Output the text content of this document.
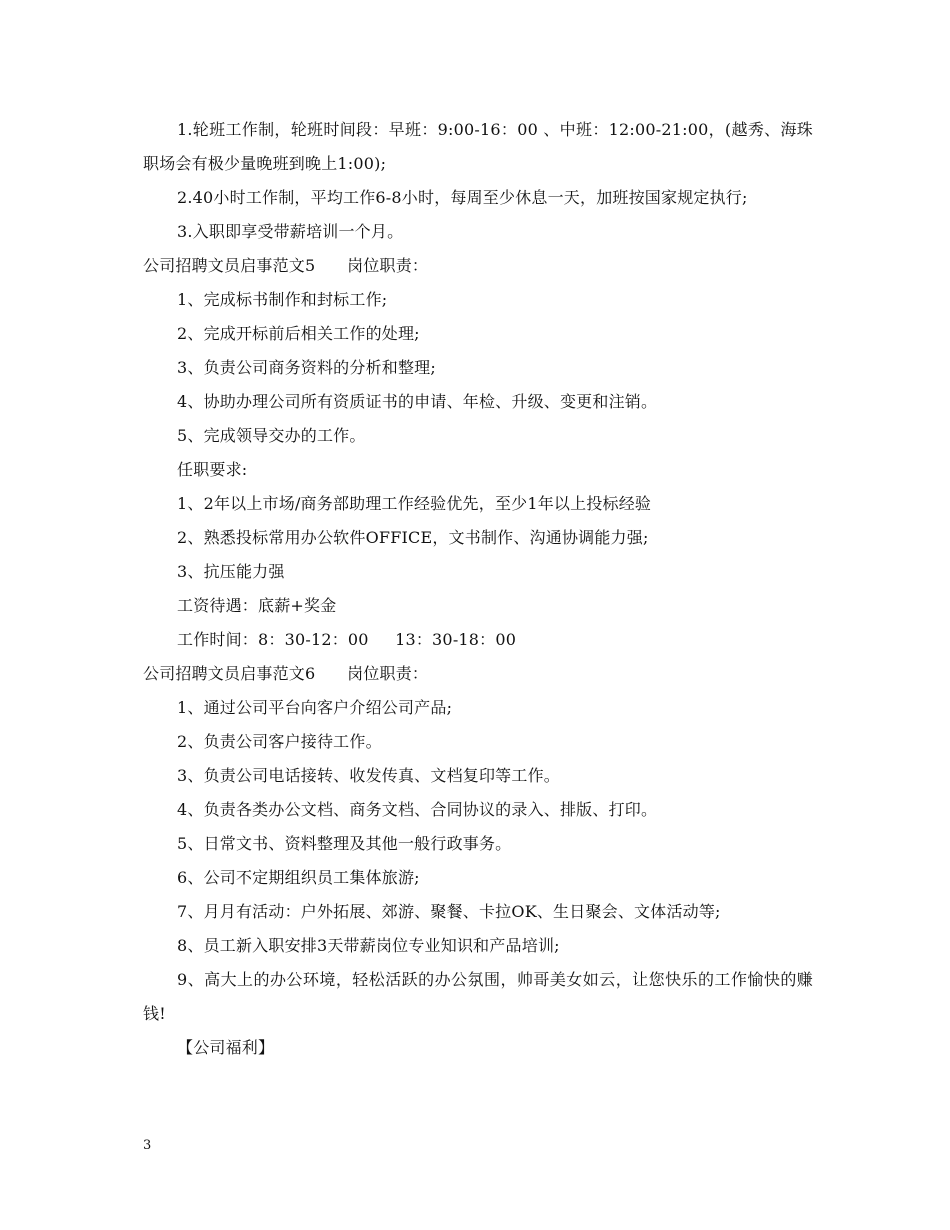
1.轮班工作制，轮班时间段：早班：9:00-16：00 、中班：12:00-21:00，(越秀、海珠职场会有极少量晚班到晚上1:00);
2.40小时工作制，平均工作6-8小时，每周至少休息一天，加班按国家规定执行;
3.入职即享受带薪培训一个月。
公司招聘文员启事范文5      岗位职责：
1、完成标书制作和封标工作;
2、完成开标前后相关工作的处理;
3、负责公司商务资料的分析和整理;
4、协助办理公司所有资质证书的申请、年检、升级、变更和注销。
5、完成领导交办的工作。
任职要求:
1、2年以上市场/商务部助理工作经验优先，至少1年以上投标经验
2、熟悉投标常用办公软件OFFICE，文书制作、沟通协调能力强;
3、抗压能力强
工资待遇：底薪+奖金
工作时间：8：30-12：00     13：30-18：00
公司招聘文员启事范文6      岗位职责：
1、通过公司平台向客户介绍公司产品;
2、负责公司客户接待工作。
3、负责公司电话接转、收发传真、文档复印等工作。
4、负责各类办公文档、商务文档、合同协议的录入、排版、打印。
5、日常文书、资料整理及其他一般行政事务。
6、公司不定期组织员工集体旅游;
7、月月有活动：户外拓展、郊游、聚餐、卡拉OK、生日聚会、文体活动等;
8、员工新入职安排3天带薪岗位专业知识和产品培训;
9、高大上的办公环境，轻松活跃的办公氛围，帅哥美女如云，让您快乐的工作愉快的赚钱!
【公司福利】
3
